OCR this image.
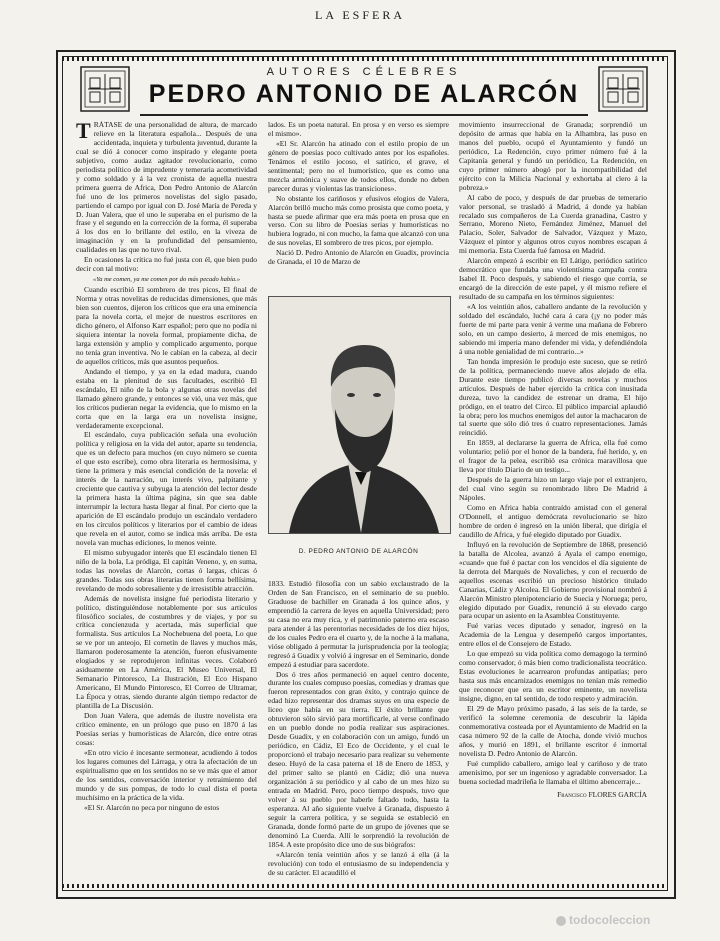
LA ESFERA
AUTORES CÉLEBRES
PEDRO ANTONIO DE ALARCÓN

TRÁTASE de una personalidad de altura, de marcado relieve en la literatura española... Después de una accidentada, inquieta y turbulenta juventud, durante la cual se dió á conocer como inspirado y elegante poeta subjetivo, como audaz agitador revolucionario, como periodista político de imprudente y temeraria acometividad y como soldado y á la vez cronista de aquella nuestra primera guerra de Africa, Don Pedro Antonio de Alarcón fué uno de los primeros novelistas del siglo pasado, partiendo el campo por igual con D. José María de Pereda y D. Juan Valera, que el uno le superaba en el purismo de la frase y el segundo en la corrección de la forma, él superaba á los dos en lo brillante del estilo, en la viveza de imaginación y en la profundidad del pensamiento, cualidades en las que no tuvo rival.

En ocasiones la crítica no fué justa con él, que bien pudo decir con tal motivo:

«Ya me comen, ya me comen por do más pecado había.»

Cuando escribió El sombrero de tres picos, El final de Norma y otras novelitas de reducidas dimensiones, que más bien son cuentos, dijeron los críticos que era una eminencia para la novela corta, el mejor de nuestros escritores en dicho género, el Alfonso Karr español; pero que no podía ni siquiera intentar la novela formal, propiamente dicha, de larga extensión y amplio y complicado argumento, porque no tenía gran inventiva. No le cabían en la cabeza, al decir de aquellos críticos, más que asuntos pequeños.

Andando el tiempo, y ya en la edad madura, cuando estaba en la plenitud de sus facultades, escribió El escándalo, El niño de la bola y algunas otras novelas del llamado género grande, y entonces se vió, una vez más, que los críticos pudieran negar la evidencia, que lo mismo en la corta que en la larga era un novelista insigne, verdaderamente excepcional.

El escándalo, cuya publicación señala una evolución política y religiosa en la vida del autor, aparte su tendencia, que es un defecto para muchos (en cuyo número se cuenta el que esto escribe), como obra literaria es hermosísima, y tiene la primera y más esencial condición de la novela: el interés de la narración, un interés vivo, palpitante y creciente que cautiva y subyuga la atención del lector desde la primera hasta la última página, sin que sea dable interrumpir la lectura hasta llegar al final. Por cierto que la aparición de El escándalo produjo un escándalo verdadero en los círculos políticos y literarios por el cambio de ideas que revela en el autor, como se indica más arriba. De esta novela van muchas ediciones, lo menos veinte.

El mismo subyugador interés que El escándalo tienen El niño de la bola, La pródiga, El capitán Veneno, y, en suma, todas las novelas de Alarcón, cortas ó largas, chicas ó grandes. Todas sus obras literarias tienen forma bellísima, revelando de modo sobresaliente y de irresistible atracción.

Además de novelista insigne fué periodista literario y político, distinguiéndose notablemente por sus artículos filosófico sociales, de costumbres y de viajes, y por su crítica concienzuda y acertada, más superficial que formalista. Sus artículos La Nochebuena del poeta, Lo que se ve por un anteojo, El cornetín de llaves y muchos más, llamaron poderosamente la atención, fueron efusivamente elogiados y se reprodujeron infinitas veces. Colaboró asiduamente en La América, El Museo Universal, El Semanario Pintoresco, La Ilustración, El Eco Hispano Americano, El Mundo Pintoresco, El Correo de Ultramar, La Época y otras, siendo durante algún tiempo redactor de plantilla de La Discusión.

Don Juan Valera, que además de ilustre novelista era crítico eminente, en un prólogo que puso en 1870 á las Poesías serias y humorísticas de Alarcón, dice entre otras cosas:

«En otro vicio é incesante sermonear, acudiendo á todos los lugares comunes del Lárraga, y otra la afectación de un espiritualismo que en los sentidos no se ve más que el amor de los sentidos, conversación interior y retraimiento del mundo y de sus pompas, de todo lo cual dista el poeta muchísimo en la práctica de la vida.

«El Sr. Alarcón no peca por ninguno de estos

lados. Es un poeta natural. En prosa y en verso es siempre el mismo».

«El Sr. Alarcón ha atinado con el estilo propio de un género de poesías poco cultivado antes por los españoles. Tenámos el estilo jocoso, el satírico, el grave, el sentimental; pero no el humorístico, que es como una mezcla armónica y suave de todos ellos, donde no deben parecer duras y violentas las transiciones».

No obstante los cariñosos y efusivos elogios de Valera, Alarcón brilló mucho más como prosista que como poeta, y hasta se puede afirmar que era más poeta en prosa que en verso. Con su libro de Poesías serias y humorísticas no hubiera logrado, ni con mucho, la fama que alcanzó con una de sus novelas, El sombrero de tres picos, por ejemplo.

Nació D. Pedro Antonio de Alarcón en Guadix, provincia de Granada, el 10 de Marzo de

D. PEDRO ANTONIO DE ALARCÓN

1833. Estudió filosofía con un sabio exclaustrado de la Orden de San Francisco, en el seminario de su pueblo. Graduose de bachiller en Granada á los quince años, y emprendió la carrera de leyes en aquella Universidad; pero su casa no era muy rica, y el patrimonio paterno era escaso para atender á las perentorias necesidades de los diez hijos, de los cuales Pedro era el cuarto y, de la noche á la mañana, vióse obligado á permutar la jurisprudencia por la teología; regresó á Guadix y volvió á ingresar en el Seminario, donde empezó á estudiar para sacerdote.

Dos ó tres años permaneció en aquel centro docente, durante los cuales compuso poesías, comedias y dramas que fueron representados con gran éxito, y contrajo quince de edad hizo representar dos dramas suyos en una especie de liceo que había en su tierra. El éxito brillante que obtuvieron sólo sirvió para mortificarle, al verse confinado en un pueblo donde no podía realizar sus aspiraciones. Desde Guadix, y en colaboración con un amigo, fundó un periódico, en Cádiz, El Eco de Occidente, y el cual le proporcionó el trabajo necesario para realizar su vehemente deseo. Huyó de la casa paterna el 18 de Enero de 1853, y del primer salto se plantó en Cádiz; dió una nueva organización á su periódico y al cabo de un mes hizo su entrada en Madrid. Pero, poco tiempo después, tuvo que volver á su pueblo por haberle faltado todo, hasta la esperanza. Al año siguiente vuelve á Granada, dispuesto á seguir la carrera política, y se seguida se estableció en Granada, donde formó parte de un grupo de jóvenes que se denominó La Cuerda. Allí le sorprendió la revolución de 1854. A este propósito dice uno de sus biógrafos:

«Alarcón tenía veintiún años y se lanzó á ella (á la revolución) con todo el entusiasmo de su independencia y de su carácter. El acaudilló el

movimiento insurreccional de Granada; sorprendió un depósito de armas que había en la Alhambra, las puso en manos del pueblo, ocupó el Ayuntamiento y fundó un periódico, La Redención, cuyo primer número fué á la Capitanía general y fundó un periódico, La Redención, en cuyo primer número abogó por la incompatibilidad del ejército con la Milicia Nacional y exhortaba al clero á la pobreza.»

Al cabo de poco, y después de dar pruebas de temerario valor personal, se trasladó á Madrid, á donde ya habían recalado sus compañeros de La Cuerda granadina, Castro y Serrano, Moreno Nieto, Fernández Jiménez, Manuel del Palacio, Soler, Salvador de Salvador, Vázquez y Mazo, Vázquez el pintor y algunos otros cuyos nombres escapan á mi memoria. Esta Cuerda fué famosa en Madrid.

Alarcón empezó á escribir en El Látigo, periódico satírico democrático que fundaba una violentísima campaña contra Isabel II. Poco después, y sabiendo el riesgo que corría, se encargó de la dirección de este papel, y él mismo refiere el resultado de su campaña en los términos siguientes:

«A los veintiún años, caballero andante de la revolución y soldado del escándalo, luché cara á cara (¡y no poder más fuerte de mi parte para venir á verme una mañana de Febrero solo, en un campo desierto, á merced de mis enemigos, no sabiendo mi imperia mano defender mi vida, y defendiéndola á una noble genialidad de mi contrario...»

Tan honda impresión le produjo este suceso, que se retiró de la política, permaneciendo nueve años alejado de ella. Durante este tiempo publicó diversas novelas y muchos artículos. Después de haber ejercido la crítica con inusitada dureza, tuvo la candidez de estrenar un drama, El hijo pródigo, en el teatro del Circo. El público imparcial aplaudió la obra; pero los muchos enemigos del autor la machacaron de tal suerte que sólo dió tres ó cuatro representaciones. Jamás reincidió.

En 1859, al declararse la guerra de Africa, ella fué como voluntario; pelió por el honor de la bandera, fué herido, y, en el fragor de la pelea, escribió esa crónica maravillosa que lleva por título Diario de un testigo...

Después de la guerra hizo un largo viaje por el extranjero, del cual vino según su renombrado libro De Madrid á Nápoles.

Como en Africa había contraído amistad con el general O'Donnell, el antiguo demócrata revolucionario se hizo hombre de orden é ingresó en la unión liberal, que dirigía el caudillo de Africa, y fué elegido diputado por Guadix.

Influyó en la revolución de Septiembre de 1868, presenció la batalla de Alcolea, avanzó á Ayala el campo enemigo, «cuand» que fué é pactar con los vencidos el día siguiente de la derrota del Marqués de Novaliches, y con el recuerdo de aquellos escenas escribió un precioso histórico titulado Canarias, Cádiz y Alcolea. El Gobierno provisional nombró á Alarcón Ministro plenipotenciario de Suecia y Noruega; pero, elegido diputado por Guadix, renunció á su elevado cargo para ocupar un asiento en la Asamblea Constituyente.

Fué varias veces diputado y senador, ingresó en la Academia de la Lengua y desempeñó cargos importantes, entre ellos el de Consejero de Estado.

Lo que empezó su vida política como demagogo la terminó como conservador, ó más bien como tradicionalista teocrático. Estas evoluciones le acarrearon profundas antipatías; pero hasta sus más encarnizados enemigos no tenían más remedio que reconocer que era un escritor eminente, un novelista insigne, digno, en tal sentido, de todo respeto y admiración.

El 29 de Mayo próximo pasado, á las seis de la tarde, se verificó la solemne ceremonia de descubrir la lápida conmemorativa costeada por el Ayuntamiento de Madrid en la casa número 92 de la calle de Atocha, donde vivió muchos años, y murió en 1891, el brillante escritor é inmortal novelista D. Pedro Antonio de Alarcón.

Fué cumplido caballero, amigo leal y cariñoso y de trato amenísimo, por ser un ingenioso y agradable conversador. La buena sociedad madrileña le llamaba el último abencerraje...

Francisco FLORES GARCÍA
todocoleccion
